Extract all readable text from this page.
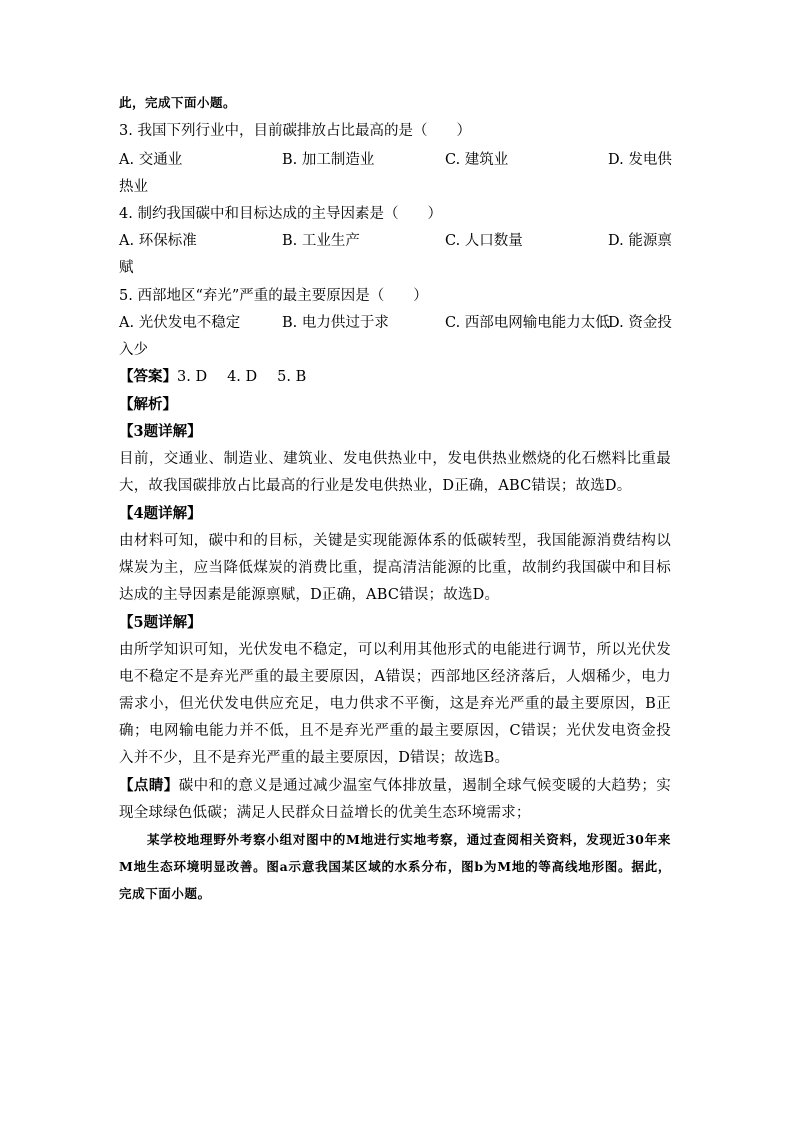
此，完成下面小题。
3. 我国下列行业中，目前碳排放占比最高的是（　　）
A. 交通业	B. 加工制造业	C. 建筑业	D. 发电供
热业
4. 制约我国碳中和目标达成的主导因素是（　　）
A. 环保标准	B. 工业生产	C. 人口数量	D. 能源禀
赋
5. 西部地区“弃光”严重的最主要原因是（　　）
A. 光伏发电不稳定	B. 电力供过于求	C. 西部电网输电能力太低
D. 资金投
入少
【答案】3. D 4. D 5. B
【解析】
【3题详解】
目前，交通业、制造业、建筑业、发电供热业中，发电供热业燃烧的化石燃料比重最大，故我国碳排放占比最高的行业是发电供热业，D正确，ABC错误；故选D。
【4题详解】
由材料可知，碳中和的目标，关键是实现能源体系的低碳转型，我国能源消费结构以煤炭为主，应当降低煤炭的消费比重，提高清洁能源的比重，故制约我国碳中和目标达成的主导因素是能源禀赋，D正确，ABC错误；故选D。
【5题详解】
由所学知识可知，光伏发电不稳定，可以利用其他形式的电能进行调节，所以光伏发电不稳定不是弃光严重的最主要原因，A错误；西部地区经济落后，人烟稀少，电力需求小，但光伏发电供应充足，电力供求不平衡，这是弃光严重的最主要原因，B正确；电网输电能力并不低，且不是弃光严重的最主要原因，C错误；光伏发电资金投入并不少，且不是弃光严重的最主要原因，D错误；故选B。
【点睛】碳中和的意义是通过减少温室气体排放量，遏制全球气候变暖的大趋势；实现全球绿色低碳；满足人民群众日益增长的优美生态环境需求；
某学校地理野外考察小组对图中的M地进行实地考察，通过查阅相关资料，发现近30年来M地生态环境明显改善。图a示意我国某区域的水系分布，图b为M地的等高线地形图。据此，完成下面小题。
